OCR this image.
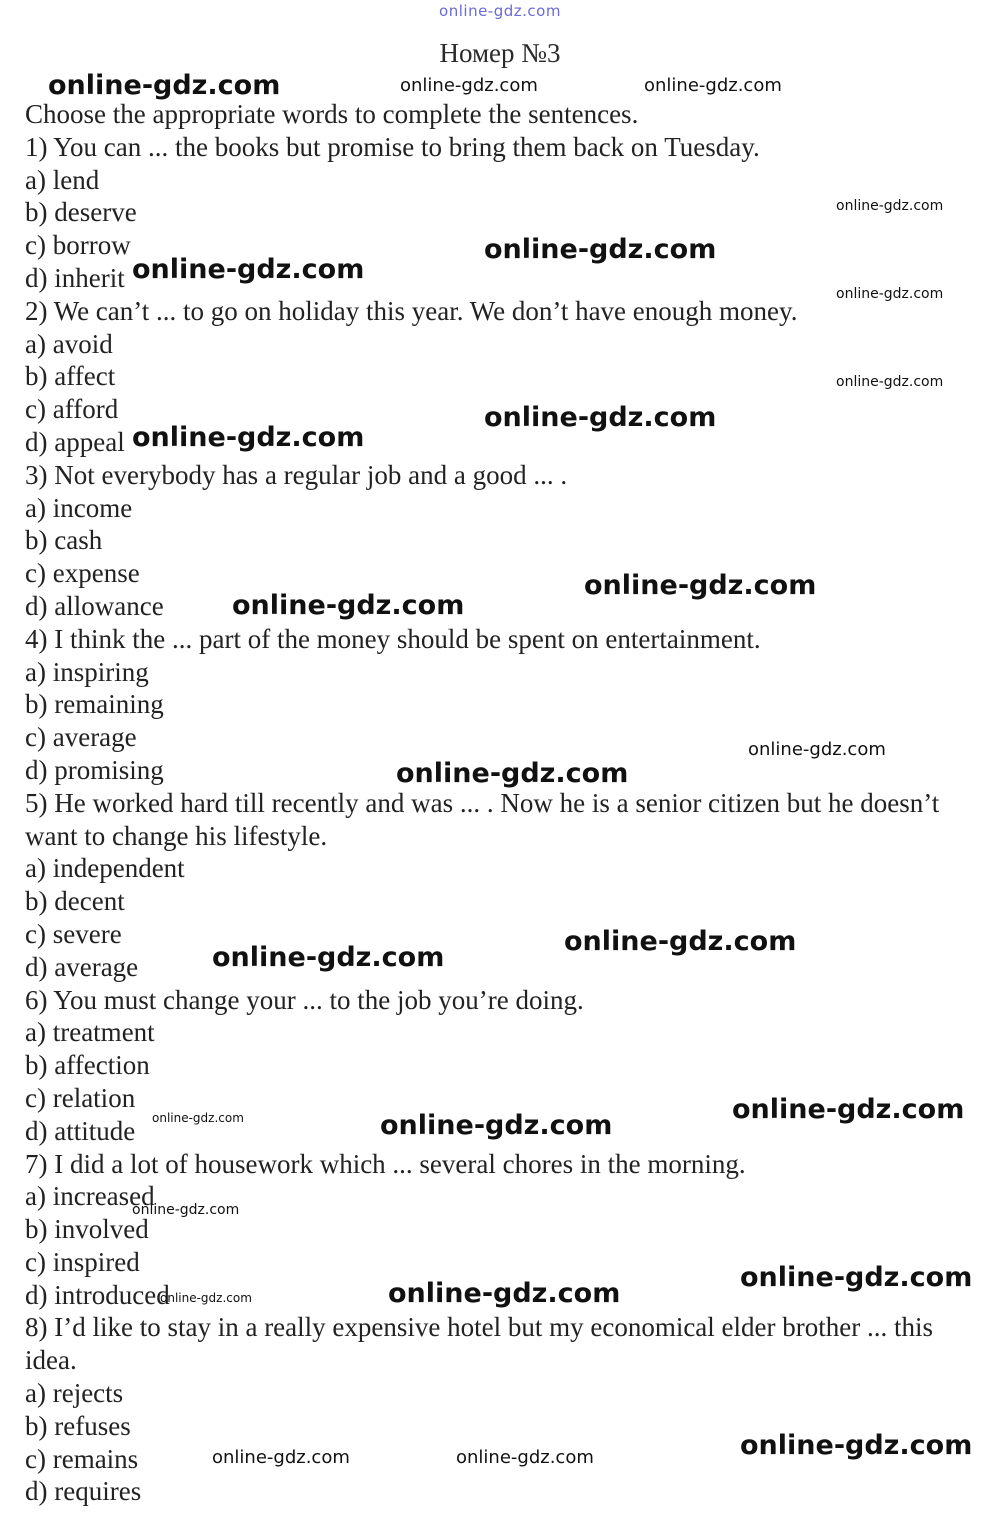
online-gdz.com
Номер №3
Choose the appropriate words to complete the sentences.
1) You can ... the books but promise to bring them back on Tuesday.
a) lend
b) deserve
c) borrow
d) inherit
2) We can’t ... to go on holiday this year. We don’t have enough money.
a) avoid
b) affect
c) afford
d) appeal
3) Not everybody has a regular job and a good ... .
a) income
b) cash
c) expense
d) allowance
4) I think the ... part of the money should be spent on entertainment.
a) inspiring
b) remaining
c) average
d) promising
5) He worked hard till recently and was ... . Now he is a senior citizen but he doesn’t want to change his lifestyle.
a) independent
b) decent
c) severe
d) average
6) You must change your ... to the job you’re doing.
a) treatment
b) affection
c) relation
d) attitude
7) I did a lot of housework which ... several chores in the morning.
a) increased
b) involved
c) inspired
d) introduced
8) I’d like to stay in a really expensive hotel but my economical elder brother ... this idea.
a) rejects
b) refuses
c) remains
d) requires
online-gdz.com	online-gdz.com	online-gdz.com
online-gdz.com
online-gdz.com
online-gdz.com
online-gdz.com
online-gdz.com
online-gdz.com
online-gdz.com
online-gdz.com
online-gdz.com
online-gdz.com
online-gdz.com
online-gdz.com
online-gdz.com
online-gdz.com
online-gdz.com
online-gdz.com
online-gdz.com
online-gdz.com
online-gdz.com
online-gdz.com
online-gdz.com
online-gdz.com	online-gdz.com
